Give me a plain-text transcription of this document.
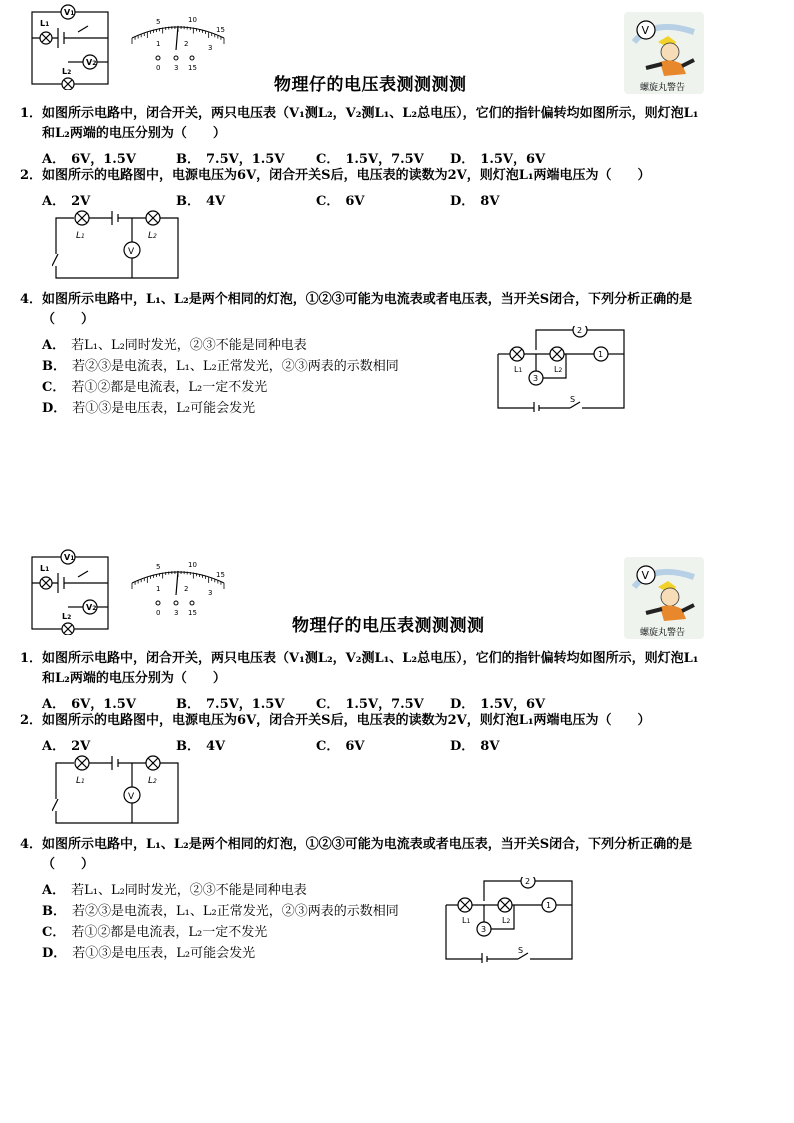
V1
V2
L1
L2
5	10
15
1	2	3
0 3 15
V
螺旋丸警告
物理仔的电压表测测测测
1．如图所示电路中，闭合开关，两只电压表（V₁测L₂，V₂测L₁、L₂总电压），它们的指针偏转均如图所示，则灯泡L₁
和L₂两端的电压分别为（　　）
A． 6V，1.5V	B． 7.5V，1.5V C． 1.5V，7.5V D． 1.5V，6V
2．如图所示的电路图中，电源电压为6V，闭合开关S后，电压表的读数为2V，则灯泡L₁两端电压为（　　）
A． 2V	B． 4V	C． 6V	D． 8V
V
L1	L2
4．如图所示电路中，L₁、L₂是两个相同的灯泡，①②③可能为电流表或者电压表，当开关S闭合，下列分析正确的是
（　　）
A． 若L₁、L₂同时发光，②③不能是同种电表
B． 若②③是电流表，L₁、L₂正常发光，②③两表的示数相同
C． 若①②都是电流表，L₂一定不发光
D． 若①③是电压表，L₂可能会发光
2
1
3
L1	L2
S
V1
V2
L1
L2
5	10
15
1	2	3
0 3 15
V
螺旋丸警告
物理仔的电压表测测测测
1．如图所示电路中，闭合开关，两只电压表（V₁测L₂，V₂测L₁、L₂总电压），它们的指针偏转均如图所示，则灯泡L₁
和L₂两端的电压分别为（　　）
A． 6V，1.5V	B． 7.5V，1.5V C． 1.5V，7.5V D． 1.5V，6V
2．如图所示的电路图中，电源电压为6V，闭合开关S后，电压表的读数为2V，则灯泡L₁两端电压为（　　）
A． 2V	B． 4V	C． 6V	D． 8V
V
L1	L2
4．如图所示电路中，L₁、L₂是两个相同的灯泡，①②③可能为电流表或者电压表，当开关S闭合，下列分析正确的是
（　　）
A． 若L₁、L₂同时发光，②③不能是同种电表
B． 若②③是电流表，L₁、L₂正常发光，②③两表的示数相同
C． 若①②都是电流表，L₂一定不发光
D． 若①③是电压表，L₂可能会发光
2
1
3
L1	L2
S
